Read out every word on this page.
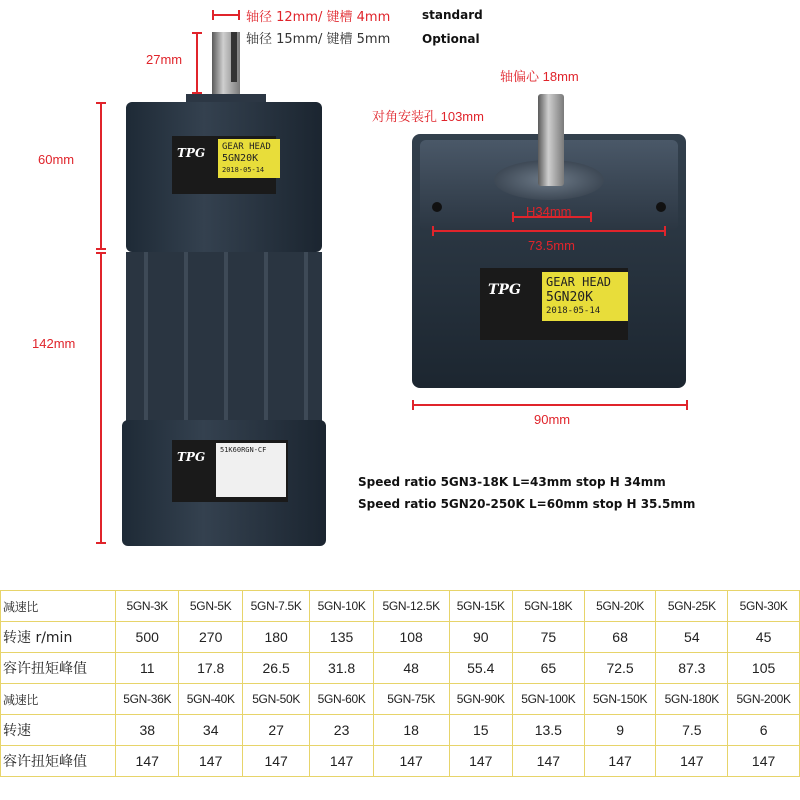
TPG GEAR HEAD
5GN20K
2018-05-14
TPG	51K60RGN-CF
轴径 12mm/ 键槽 4mm	standard
轴径 15mm/ 键槽 5mm	Optional
27mm
60mm
142mm
TPG GEAR HEAD
5GN20K
2018-05-14
轴偏心 18mm
对角安装孔 103mm
H34mm
73.5mm
90mm
Speed ratio 5GN3-18K L=43mm stop H 34mm
Speed ratio 5GN20-250K L=60mm stop H 35.5mm
减速比	5GN-3K	5GN-5K	5GN-7.5K	5GN-10K	5GN-12.5K	5GN-15K	5GN-18K	5GN-20K	5GN-25K	5GN-30K
转速 r/min	500	270	180	135	108	90	75	68	54	45
容许扭矩峰值	11	17.8	26.5	31.8	48	55.4	65	72.5	87.3	105
减速比	5GN-36K	5GN-40K	5GN-50K	5GN-60K	5GN-75K	5GN-90K	5GN-100K	5GN-150K	5GN-180K	5GN-200K
转速	38	34	27	23	18	15	13.5	9	7.5	6
容许扭矩峰值	147	147	147	147	147	147	147	147	147	147
